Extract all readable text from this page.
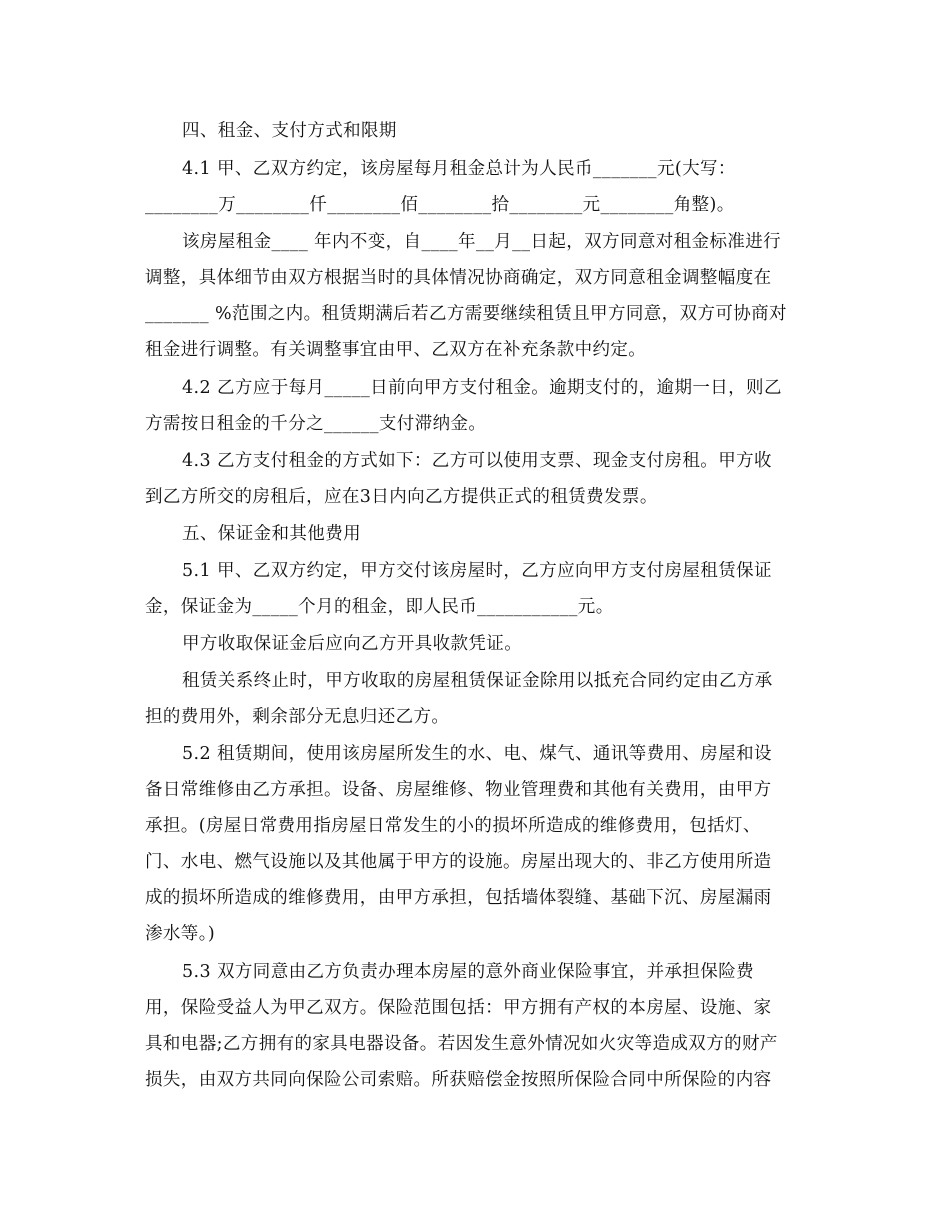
四、租金、支付方式和限期
4.1 甲、乙双方约定，该房屋每月租金总计为人民币_______元(大写：
________万________仟________佰________拾________元________角整)。
该房屋租金____ 年内不变，自____年__月__日起，双方同意对租金标准进行
调整，具体细节由双方根据当时的具体情况协商确定，双方同意租金调整幅度在
_______ %范围之内。租赁期满后若乙方需要继续租赁且甲方同意，双方可协商对
租金进行调整。有关调整事宜由甲、乙双方在补充条款中约定。
4.2 乙方应于每月_____日前向甲方支付租金。逾期支付的，逾期一日，则乙
方需按日租金的千分之______支付滞纳金。
4.3 乙方支付租金的方式如下：乙方可以使用支票、现金支付房租。甲方收
到乙方所交的房租后，应在3日内向乙方提供正式的租赁费发票。
五、保证金和其他费用
5.1 甲、乙双方约定，甲方交付该房屋时，乙方应向甲方支付房屋租赁保证
金，保证金为_____个月的租金，即人民币___________元。
甲方收取保证金后应向乙方开具收款凭证。
租赁关系终止时，甲方收取的房屋租赁保证金除用以抵充合同约定由乙方承
担的费用外，剩余部分无息归还乙方。
5.2 租赁期间，使用该房屋所发生的水、电、煤气、通讯等费用、房屋和设
备日常维修由乙方承担。设备、房屋维修、物业管理费和其他有关费用，由甲方
承担。(房屋日常费用指房屋日常发生的小的损坏所造成的维修费用，包括灯、
门、水电、燃气设施以及其他属于甲方的设施。房屋出现大的、非乙方使用所造
成的损坏所造成的维修费用，由甲方承担，包括墙体裂缝、基础下沉、房屋漏雨
渗水等。)
5.3 双方同意由乙方负责办理本房屋的意外商业保险事宜，并承担保险费
用，保险受益人为甲乙双方。保险范围包括：甲方拥有产权的本房屋、设施、家
具和电器;乙方拥有的家具电器设备。若因发生意外情况如火灾等造成双方的财产
损失，由双方共同向保险公司索赔。所获赔偿金按照所保险合同中所保险的内容
